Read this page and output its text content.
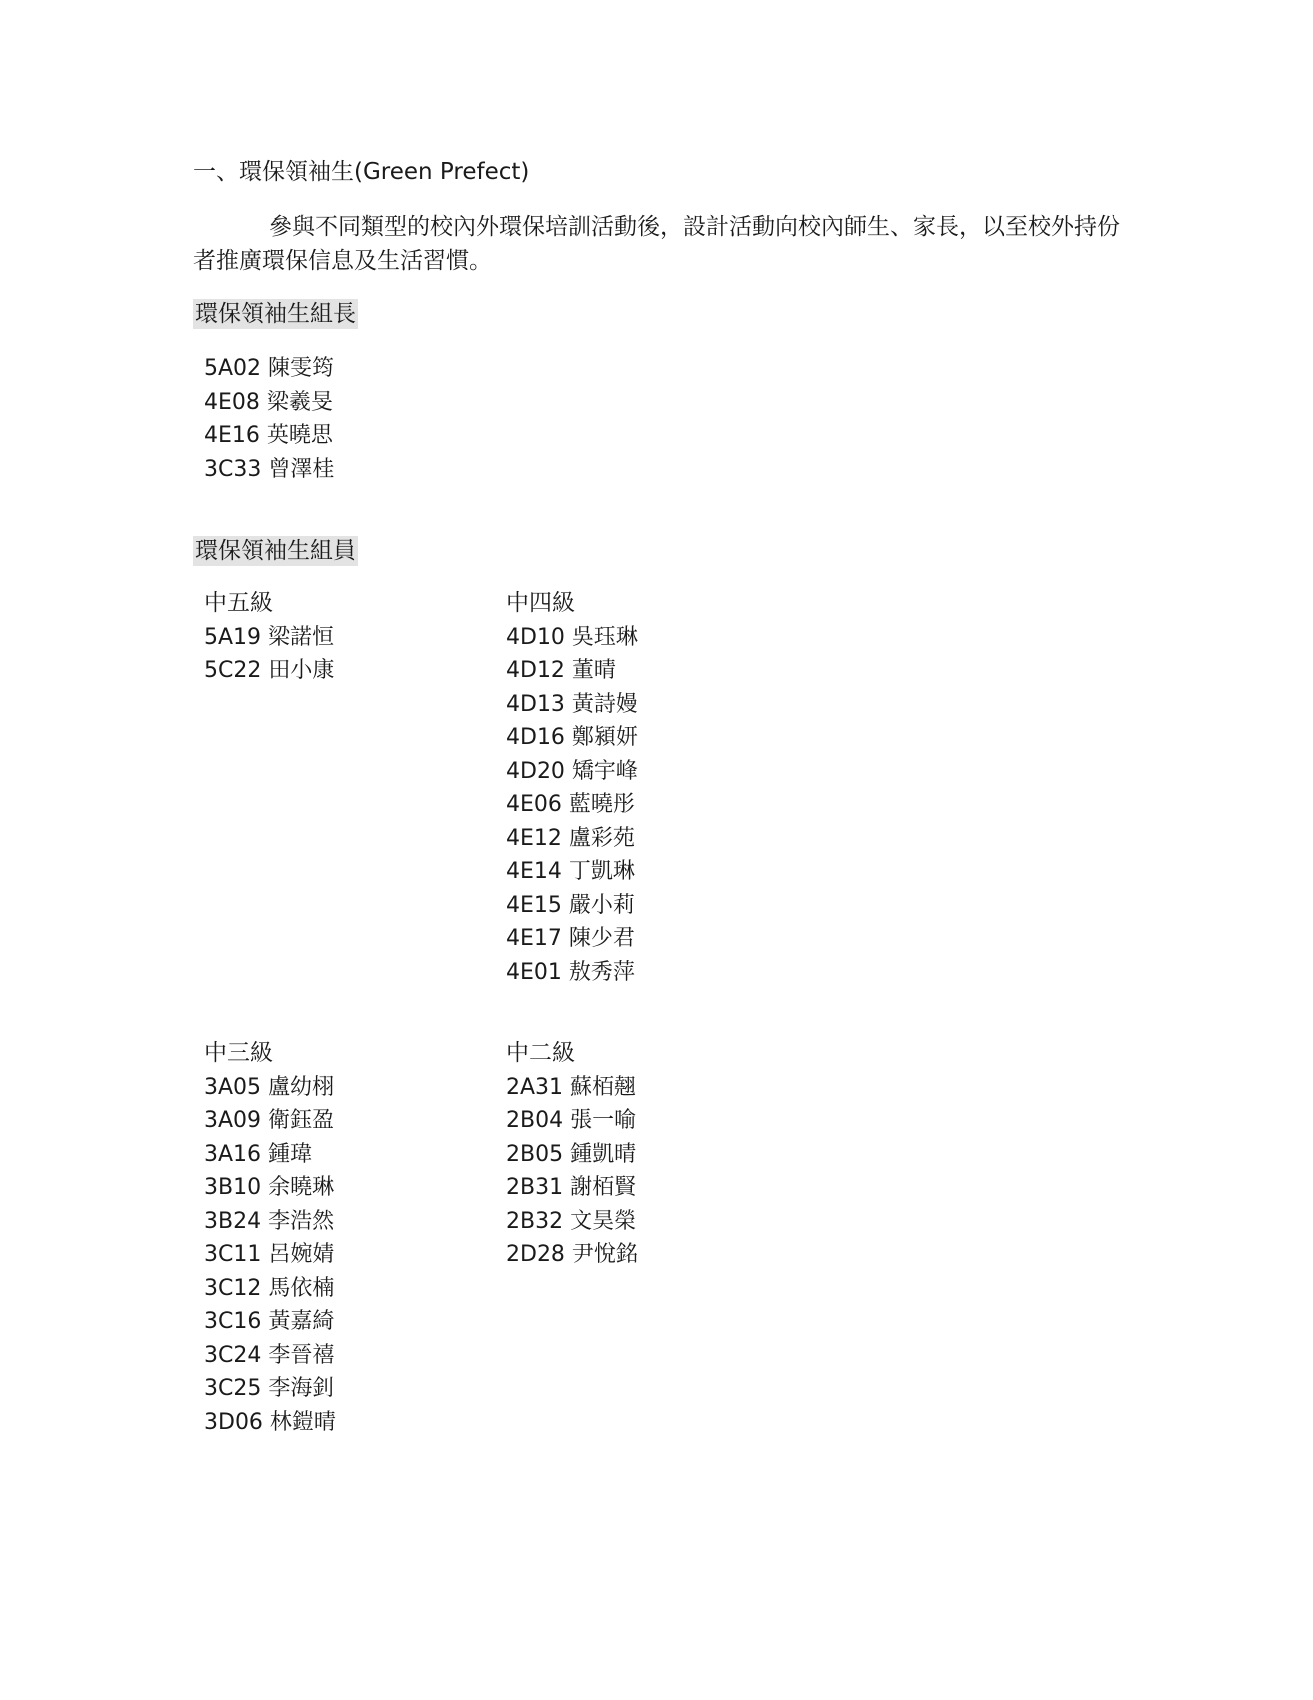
一、環保領袖生(Green Prefect)

參與不同類型的校內外環保培訓活動後，設計活動向校內師生、家長，以至校外持份者推廣環保信息及生活習慣。

環保領袖生組長
5A02 陳雯筠
4E08 梁羲旻
4E16 英曉思
3C33 曾澤桂
環保領袖生組員
中五級
5A19 梁諾恒
5C22 田小康
中四級
4D10 吳珏琳
4D12 董晴
4D13 黃詩嫚
4D16 鄭潁妍
4D20 矯宇峰
4E06 藍曉彤
4E12 盧彩苑
4E14 丁凱琳
4E15 嚴小莉
4E17 陳少君
4E01 敖秀萍
中三級
3A05 盧幼栩
3A09 衛鈺盈
3A16 鍾瑋
3B10 余曉琳
3B24 李浩然
3C11 呂婉婧
3C12 馬依楠
3C16 黃嘉綺
3C24 李晉禧
3C25 李海釗
3D06 林鎧晴
中二級
2A31 蘇栢翹
2B04 張一喻
2B05 鍾凱晴
2B31 謝栢賢
2B32 文昊榮
2D28 尹悅銘
